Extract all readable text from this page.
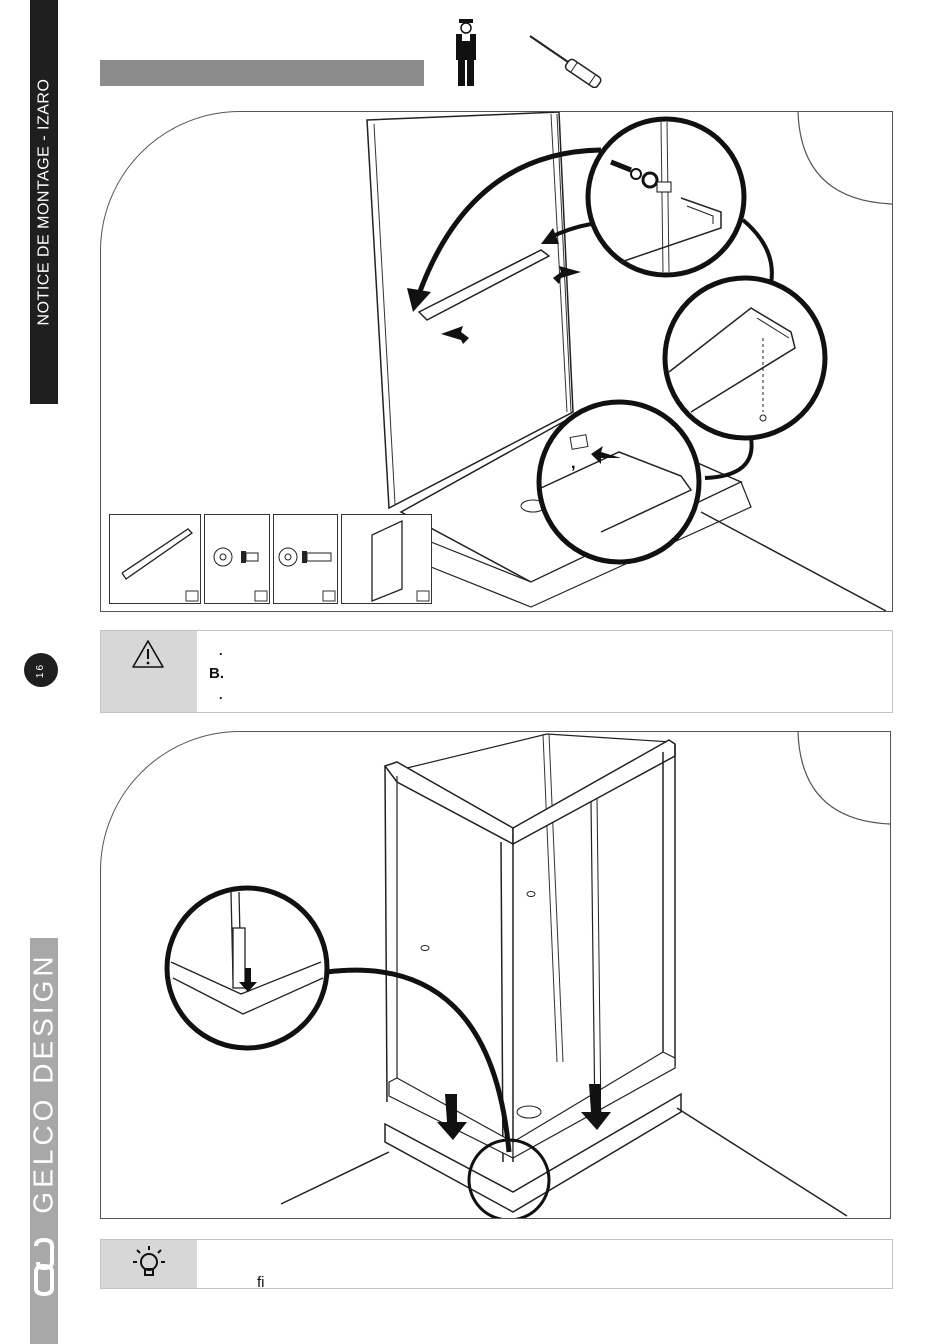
NOTICE DE MONTAGE - IZARO
16
GELCO DESIGN
,
.
B.
.
fi
